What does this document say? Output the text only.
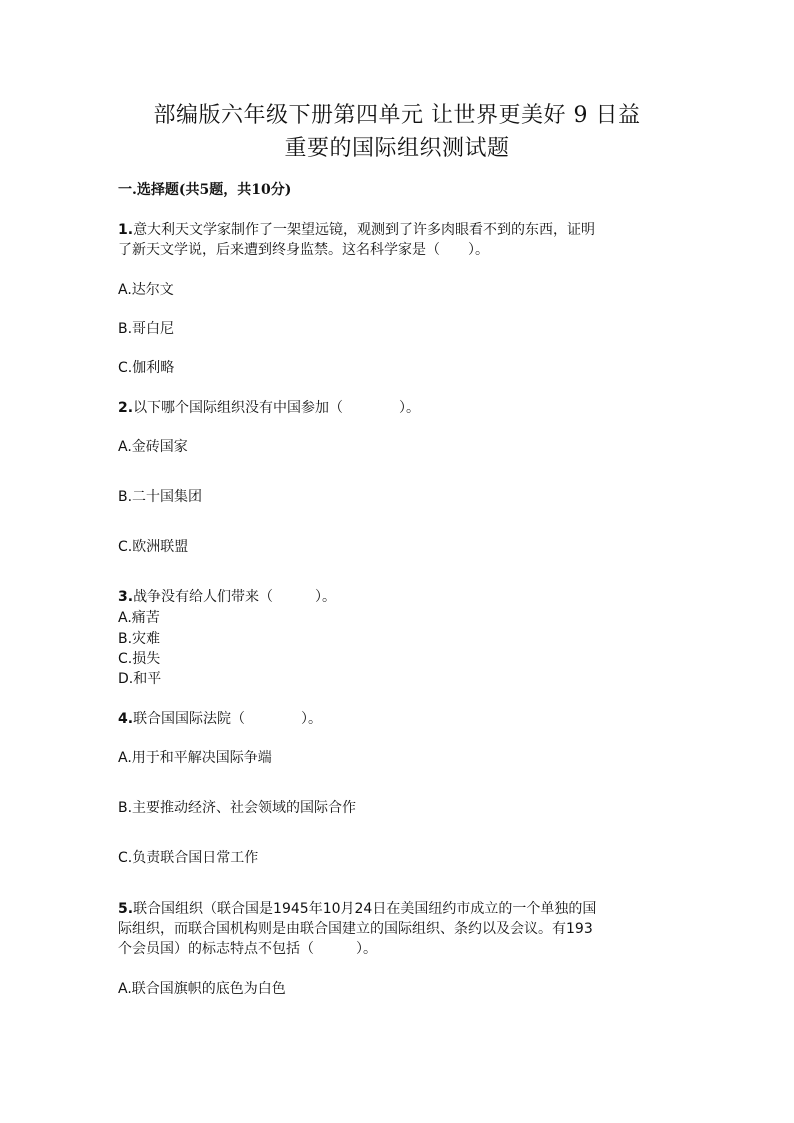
部编版六年级下册第四单元 让世界更美好 9 日益
重要的国际组织测试题
一.选择题(共5题，共10分)
1.意大利天文学家制作了一架望远镜，观测到了许多肉眼看不到的东西，证明
了新天文学说，后来遭到终身监禁。这名科学家是（　　）。
A.达尔文
B.哥白尼
C.伽利略
2.以下哪个国际组织没有中国参加（　　　　）。
A.金砖国家
B.二十国集团
C.欧洲联盟
3.战争没有给人们带来（　　　）。
A.痛苦
B.灾难
C.损失
D.和平
4.联合国国际法院（　　　　）。
A.用于和平解决国际争端
B.主要推动经济、社会领域的国际合作
C.负责联合国日常工作
5.联合国组织（联合国是1945年10月24日在美国纽约市成立的一个单独的国
际组织，而联合国机构则是由联合国建立的国际组织、条约以及会议。有193
个会员国）的标志特点不包括（　　　）。
A.联合国旗帜的底色为白色
